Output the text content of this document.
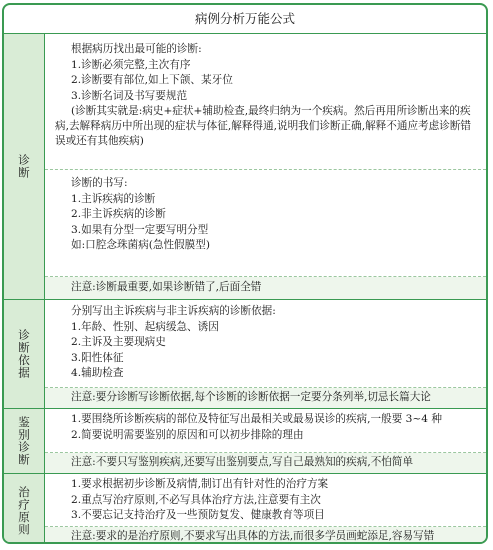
病例分析万能公式
诊断

根据病历找出最可能的诊断:

1.诊断必须完整,主次有序

2.诊断要有部位,如上下颌、某牙位

3.诊断名词及书写要规范

(诊断其实就是:病史+症状+辅助检查,最终归纳为一个疾病。然后再用所诊断出来的疾病,去解释病历中所出现的症状与体征,解释得通,说明我们诊断正确,解释不通应考虑诊断错误或还有其他疾病)

诊断的书写:

1.主诉疾病的诊断

2.非主诉疾病的诊断

3.如果有分型一定要写明分型

如:口腔念珠菌病(急性假膜型)

注意:诊断最重要,如果诊断错了,后面全错

诊断依据

分别写出主诉疾病与非主诉疾病的诊断依据:

1.年龄、性别、起病缓急、诱因

2.主诉及主要现病史

3.阳性体征

4.辅助检查

注意:要分诊断写诊断依据,每个诊断的诊断依据一定要分条列举,切忌长篇大论

鉴别诊断	1.要围绕所诊断疾病的部位及特征写出最相关或最易误诊的疾病,一般要 3~4 种

2.简要说明需要鉴别的原因和可以初步排除的理由

注意:不要只写鉴别疾病,还要写出鉴别要点,写自己最熟知的疾病,不怕简单

治疗原则

1.要求根据初步诊断及病情,制订出有针对性的治疗方案

2.重点写治疗原则,不必写具体治疗方法,注意要有主次

3.不要忘记支持治疗及一些预防复发、健康教育等项目

注意:要求的是治疗原则,不要求写出具体的方法,而很多学员画蛇添足,容易写错
